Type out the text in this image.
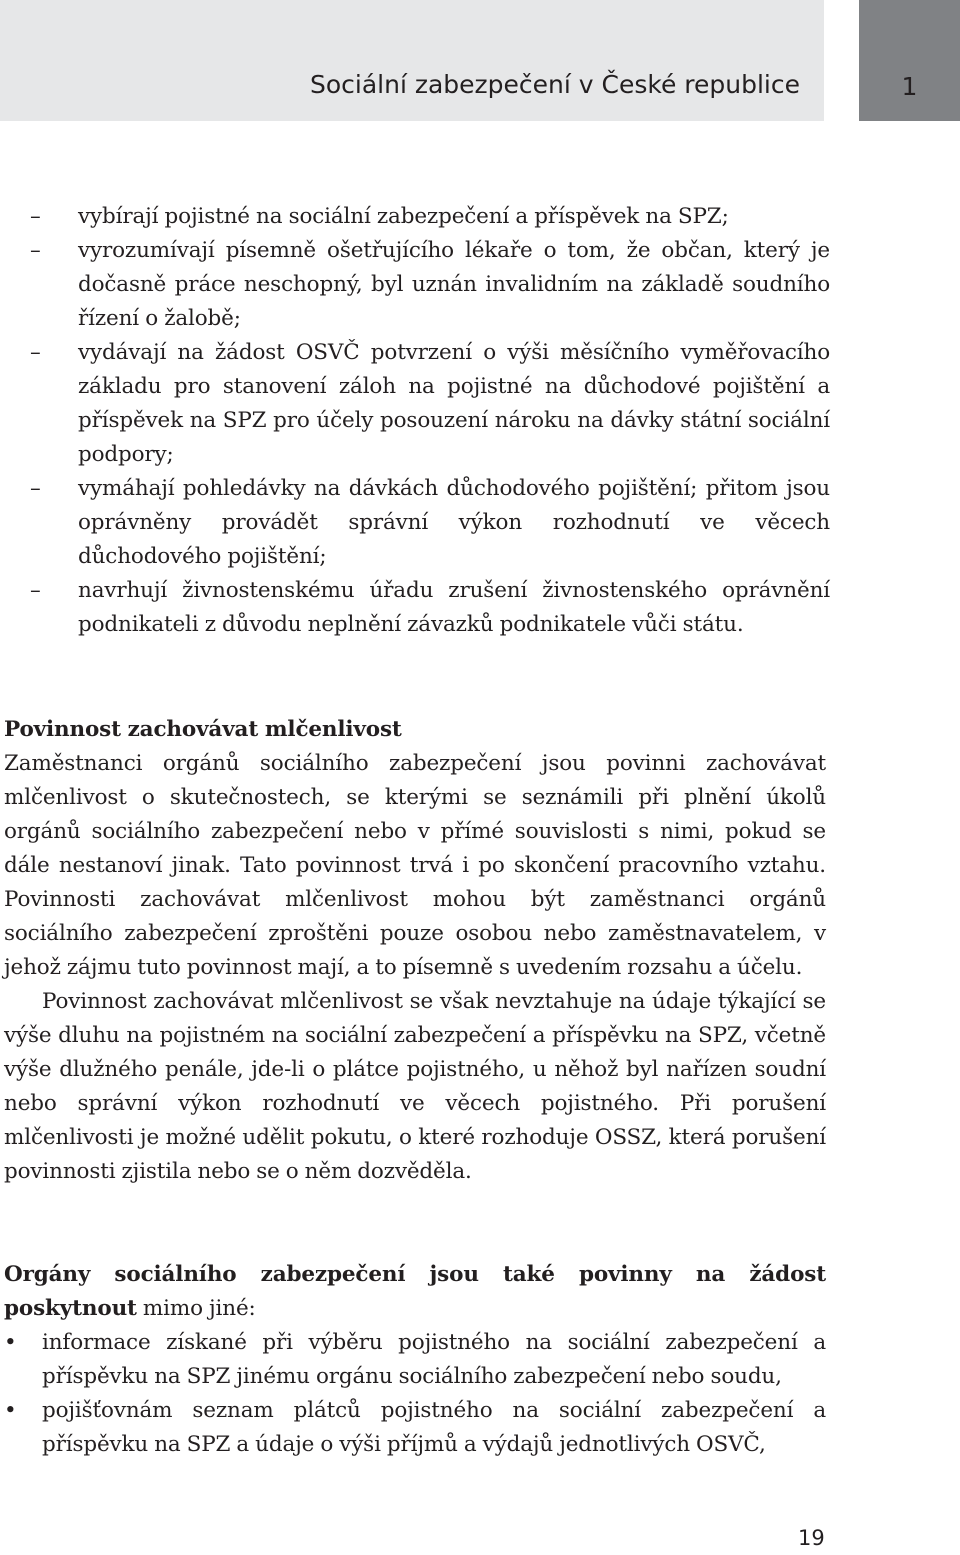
Sociální zabezpečení v České republice	1
–	vybírají pojistné na sociální zabezpečení a příspěvek na SPZ;
–	vyrozumívají písemně ošetřujícího lékaře o tom, že občan, který je dočasně práce neschopný, byl uznán invalidním na základě soudního řízení o žalobě;
–	vydávají na žádost OSVČ potvrzení o výši měsíčního vyměřovacího základu pro stanovení záloh na pojistné na důchodové pojištění a příspěvek na SPZ pro účely posouzení nároku na dávky státní sociální podpory;
–	vymáhají pohledávky na dávkách důchodového pojištění; přitom jsou oprávněny provádět správní výkon rozhodnutí ve věcech důchodového pojištění;
–	navrhují živnostenskému úřadu zrušení živnostenského oprávnění podnikateli z důvodu neplnění závazků podnikatele vůči státu.

Povinnost zachovávat mlčenlivost

Zaměstnanci orgánů sociálního zabezpečení jsou povinni zachovávat mlčenlivost o skutečnostech, se kterými se seznámili při plnění úkolů orgánů sociálního zabezpečení nebo v přímé souvislosti s nimi, pokud se dále nestanoví jinak. Tato povinnost trvá i po skončení pracovního vztahu. Povinnosti zachovávat mlčenlivost mohou být zaměstnanci orgánů sociálního zabezpečení zproštěni pouze osobou nebo zaměstnavatelem, v jehož zájmu tuto povinnost mají, a to písemně s uvedením rozsahu a účelu.

Povinnost zachovávat mlčenlivost se však nevztahuje na údaje týkající se výše dluhu na pojistném na sociální zabezpečení a příspěvku na SPZ, včetně výše dlužného penále, jde-li o plátce pojistného, u něhož byl nařízen soudní nebo správní výkon rozhodnutí ve věcech pojistného. Při porušení mlčenlivosti je možné udělit pokutu, o které rozhoduje OSSZ, která porušení povinnosti zjistila nebo se o něm dozvěděla.

Orgány sociálního zabezpečení jsou také povinny na žádost poskytnout mimo jiné:

•	informace získané při výběru pojistného na sociální zabezpečení a příspěvku na SPZ jinému orgánu sociálního zabezpečení nebo soudu,
•	pojišťovnám seznam plátců pojistného na sociální zabezpečení a příspěvku na SPZ a údaje o výši příjmů a výdajů jednotlivých OSVČ,
19
